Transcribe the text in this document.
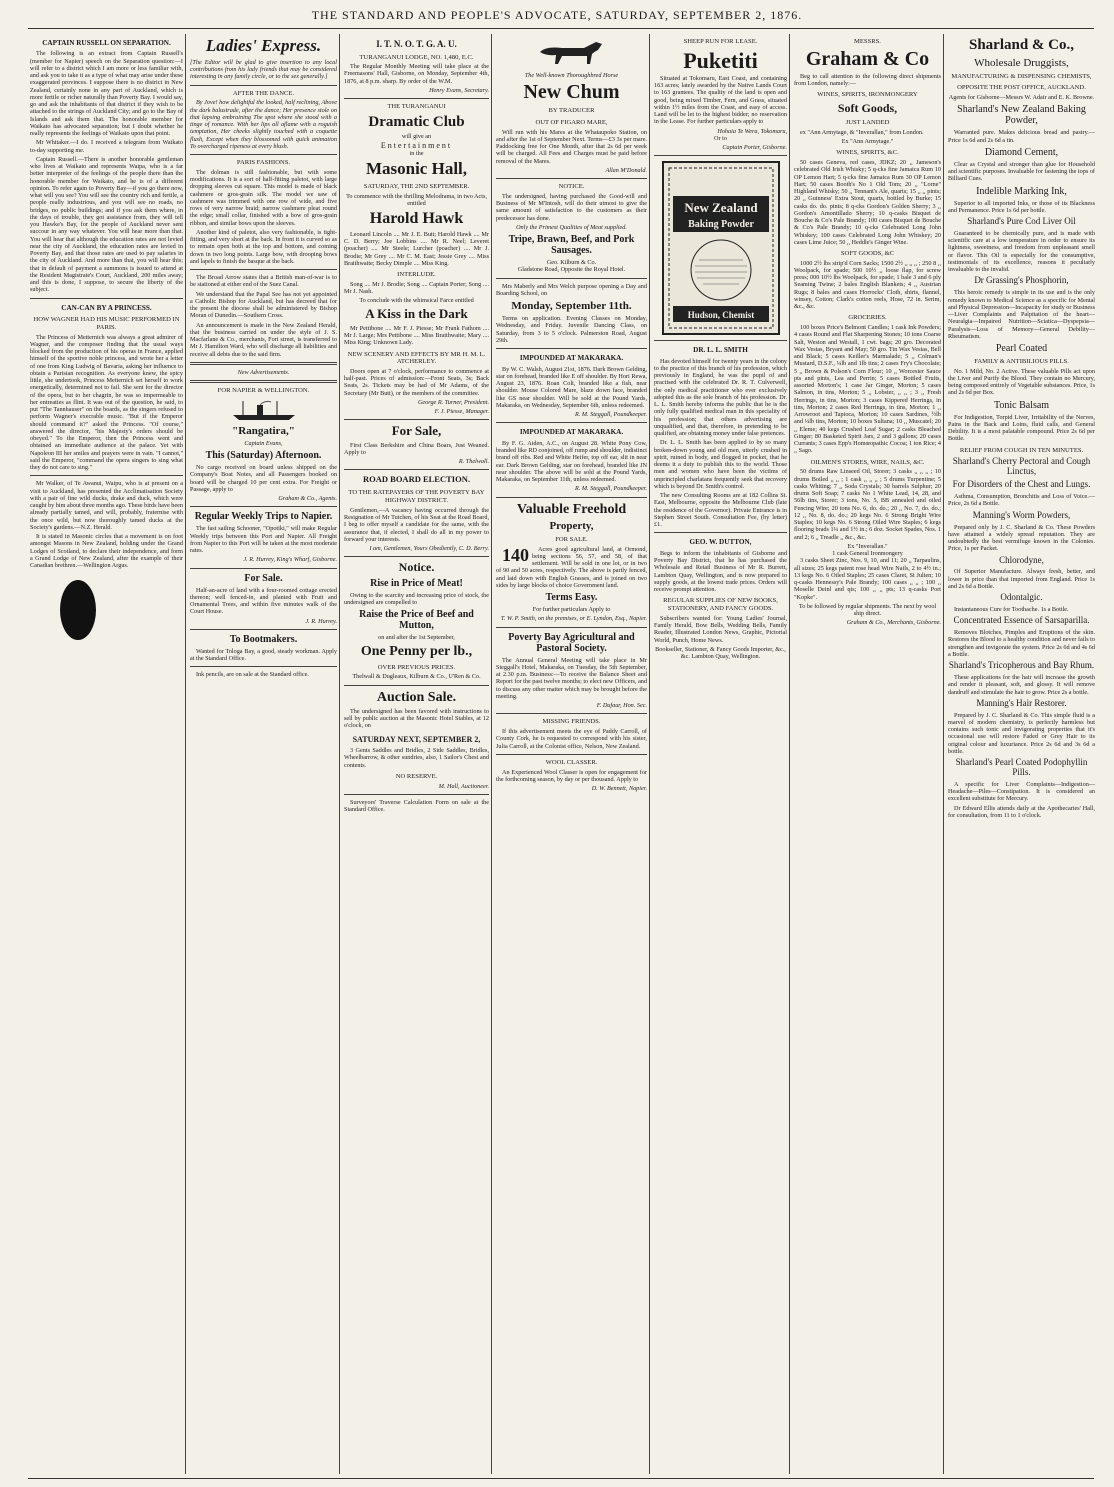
THE STANDARD AND PEOPLE'S ADVOCATE, SATURDAY, SEPTEMBER 2, 1876.
CAPTAIN RUSSELL ON SEPARATION.

The following is an extract from Captain Russell's (member for Napier) speech on the Separation question:—I will refer to a district which I am more or less familiar with, and ask you to take it as a type of what may arise under these exaggerated provinces. I suppose there is no district in New Zealand, certainly none in any part of Auckland, which is more fertile or richer naturally than Poverty Bay. I would say, go and ask the inhabitants of that district if they wish to be attached to the strings of Auckland City; and go to the Bay of Islands and ask them that. The honorable member for Waikato has advocated separation; but I doubt whether he really represents the feelings of Waikato upon that point.

Mr Whitaker.—I do. I received a telegram from Waikato to-day supporting me.

Captain Russell.—There is another honorable gentleman who lives at Waikato and represents Waipa, who is a far better interpreter of the feelings of the people there than the honorable member for Waikato, and he is of a different opinion. To refer again to Poverty Bay—if you go there now, what will you see? You will see the country rich and fertile, a people really industrious, and you will see no roads, no bridges, no public buildings; and if you ask them where, in the days of trouble, they got assistance from, they will tell you Hawke's Bay, for the people of Auckland never sent succour in any way whatever. You will hear more than that. You will hear that although the education rates are not levied near the city of Auckland, the education rates are levied in Poverty Bay, and that those rates are used to pay salaries in the city of Auckland. And more than that, you will hear this; that in default of payment a summons is issued to attend at the Resident Magistrate's Court, Auckland, 200 miles away; and this is done, I suppose, to secure the liberty of the subject.

CAN-CAN BY A PRINCESS.
HOW WAGNER HAD HIS MUSIC PERFORMED IN PARIS.

The Princess of Metternich was always a great admirer of Wagner, and the composer finding that the usual ways blocked from the production of his operas in France, applied himself of the sportive noble princess, and wrote her a letter of one from King Ludwig of Bavaria, asking her influence to obtain a Parisian recognition. As everyone knew, the spicy little, she undertook, Princess Metternich set herself to work energetically, determined not to fail. She sent for the director of the opera, but to her chagrin, he was so impermeable to her entreaties as flint. It was out of the question, he said, to put "The Tannhauser" on the boards, as the singers refused to perform Wagner's execrable music. "But if the Emperor should command it?" asked the Princess. "Of course," answered the director, "his Majesty's orders should be obeyed." To the Emperor, then the Princess went and obtained an immediate audience at the palace. Yet with Napoleon III her smiles and prayers were in vain. "I cannot," said the Emperor, "command the opera singers to sing what they do not care to sing."

Mr Walker, of Te Awanui, Waipu, who is at present on a visit to Auckland, has presented the Acclimatisation Society with a pair of fine wild ducks, drake and duck, which were caught by him about three months ago. These birds have been already partially tamed, and will, probably, fraternise with the once wild, but now thoroughly tamed ducks at the Society's gardens.—N.Z. Herald.

It is stated in Masonic circles that a movement is on foot amongst Masons in New Zealand, holding under the Grand Lodges of Scotland, to declare their independence, and form a Grand Lodge of New Zealand, after the example of their Canadian brethren.—Wellington Argus.

Ladies' Express.
[The Editor will be glad to give insertion to any local contributions from his lady friends that may be considered interesting in any family circle, or to the sex generally.]
AFTER THE DANCE.

By Jove! how delightful the looked, half reclining, Above the dark balustrade, after the dance; Her presence stole on that lapsing embraining The spot where she stood with a tinge of romance. With her lips all aflame with a roguish temptation, Her cheeks slightly touched with a coquette flush, Except when they blossomed with quick animation To overcharged ripeness at every blush.

PARIS FASHIONS.

The dolman is still fashionable, but with some modifications. It is a sort of half-fitting paletot, with large dropping sleeves cut square. This model is made of black cashmere or gros-grain silk. The model we saw of cashmere was trimmed with one row of wide, and five rows of very narrow braid; narrow cashmere pleat round the edge; small collar, finished with a bow of gros-grain ribbon, and similar bows upon the sleeves.

Another kind of paletot, also very fashionable, is tight-fitting, and very short at the back. In front it is curved so as to remain open both at the top and bottom, and coming down in two long points. Large bow, with drooping bows and lapels to finish the basque at the back.

The Broad Arrow states that a British man-of-war is to be stationed at either end of the Suez Canal.

We understand that the Papal See has not yet appointed a Catholic Bishop for Auckland, but has decreed that for the present the diocese shall be administered by Bishop Moran of Dunedin.—Southern Cross.

An announcement is made in the New Zealand Herald, that the business carried on under the style of J. S. Macfarlane & Co., merchants, Fort street, is transferred to Mr J. Hamilton Ward, who will discharge all liabilities and receive all debts due to the said firm.

New Advertisements.
FOR NAPIER & WELLINGTON.
"Rangatira,"
Captain Evans,
This (Saturday) Afternoon.

No cargo received on board unless shipped on the Company's Boat Notes, and all Passengers booked on board will be charged 10 per cent extra. For Freight or Passage, apply to

Graham & Co., Agents.
Regular Weekly Trips to Napier.

The fast sailing Schooner, "Opotiki," will make Regular Weekly trips between this Port and Napier. All Freight from Napier to this Port will be taken at the most moderate rates.

J. R. Hurrey, King's Wharf, Gisborne.
For Sale.

Half-an-acre of land with a four-roomed cottage erected thereon; well fenced-in, and planted with Fruit and Ornamental Trees, and within five minutes walk of the Court House.

J. R. Hurrey.
To Bootmakers.

Wanted for Tologa Bay, a good, steady workman. Apply at the Standard Office.

Ink pencils, are on sale at the Standard office.

I. T. N. O. T. G. A. U.
TURANGANUI LODGE, NO. 1,480, E.C.

The Regular Monthly Meeting will take place at the Freemasons' Hall, Gisborne, on Monday, September 4th, 1876, at 8 p.m. sharp. By order of the W.M.

Henry Evans, Secretary.
THE TURANGANUI
Dramatic Club
will give an
Entertainment
in the
Masonic Hall,
SATURDAY, THE 2ND SEPTEMBER.
To commence with the thrilling Melodrama, in two Acts, entitled
Harold Hawk

Leonard Lincoln .... Mr J. E. Butt; Harold Hawk .... Mr C. D. Berry; Joe Lobbins .... Mr R. Neel; Leveret (poacher) .... Mr Steele; Lurcher (poacher) .... Mr J. Brodie; Mr Grey .... Mr C. M. East; Jessie Grey .... Miss Braithwaite; Becky Dimple .... Miss King.

INTERLUDE.

Song .... Mr J. Brodie; Song .... Captain Porter; Song .... Mr J. Nash.

To conclude with the whimsical Farce entitled
A Kiss in the Dark

Mr Pettibone .... Mr F. J. Piesse; Mr Frank Fathom .... Mr J. Large; Mrs Pettibone .... Miss Braithwaite; Mary .... Miss King; Unknown Lady.

NEW SCENERY AND EFFECTS BY MR H. M. L. ATCHERLEY.

Doors open at 7 o'clock, performance to commence at half-past. Prices of admission:—Front Seats, 3s; Back Seats, 2s. Tickets may be had of Mr Adams, of the Secretary (Mr Butt), or the members of the committee.

George R. Turner, President.
F. J. Piesse, Manager.
For Sale,

First Class Berkshire and China Boars, Just Weaned. Apply to

R. Thelwall.
ROAD BOARD ELECTION.
TO THE RATEPAYERS OF THE POVERTY BAY HIGHWAY DISTRICT.

Gentlemen,—A vacancy having occurred through the Resignation of Mr Tutchen, of his Seat at the Road Board, I beg to offer myself a candidate for the same, with the assurance that, if elected, I shall do all in my power to forward your interests.

I am, Gentlemen, Yours Obediently, C. D. Berry.
Notice.
Rise in Price of Meat!

Owing to the scarcity and increasing price of stock, the undersigned are compelled to

Raise the Price of Beef and Mutton,
on and after the 1st September,
One Penny per lb.,
OVER PREVIOUS PRICES.
Thelwall & Dugleaux, Kilburn & Co., U'Ren & Co.
Auction Sale.

The undersigned has been favored with instructions to sell by public auction at the Masonic Hotel Stables, at 12 o'clock, on

SATURDAY NEXT, SEPTEMBER 2,

3 Gents Saddles and Bridles, 2 Side Saddles, Bridles, Wheelbarrow, & other sundries, also, 1 Sailor's Chest and contents.

NO RESERVE.
M. Hall, Auctioneer.

Surveyors' Traverse Calculation Form on sale at the Standard Office.

The Well-known Thoroughbred Horse
New Chum
BY TRADUCER
OUT OF FIGARO MARE,

Will run with his Mares at the Whataupoko Station, on and after the 1st of September Next. Terms—£3 3s per mare. Paddocking free for One Month, after that 2s 6d per week will be charged. All Fees and Charges must be paid before removal of the Mares.

Allan M'Donald.
NOTICE.

The undersigned, having purchased the Good-will and Business of Mr M'Intosh, will do their utmost to give the same amount of satisfaction to the customers as their predecessor has done.

Only the Primest Qualities of Meat supplied.
Tripe, Brawn, Beef, and Pork Sausages.
Geo. Kilburn & Co.
Gladstone Road, Opposite the Royal Hotel.

Mrs Maberly and Mrs Welch purpose opening a Day and Boarding School, on

Monday, September 11th.

Terms on application. Evening Classes on Monday, Wednesday, and Friday. Juvenile Dancing Class, on Saturday, from 3 to 5 o'clock. Palmerston Road, August 29th.

IMPOUNDED AT MAKARAKA.

By W. C. Walsh, August 21st, 1876. Dark Brown Gelding, star on forehead, branded like E off shoulder. By Hori Rewa, August 23, 1876. Roan Colt, branded like a fish, near shoulder. Mouse Colored Mare, blaze down face, branded like GS near shoulder. Will be sold at the Pound Yards, Makaraka, on Wednesday, September 6th, unless redeemed.

R. M. Steggall, Poundkeeper.
IMPOUNDED AT MAKARAKA.

By F. G. Aiden, A.C., on August 28. White Pony Cow, branded like RD conjoined, off rump and shoulder, indistinct brand off ribs. Red and White Heifer, top off ear, slit in near ear. Dark Brown Gelding, star on forehead, branded like JN near shoulder. The above will be sold at the Pound Yards, Makaraka, on September 11th, unless redeemed.

R. M. Steggall, Poundkeeper.
Valuable Freehold
Property,
FOR SALE.

140 Acres good agricultural land, at Ormond, being sections 56, 57, and 58, of that settlement. Will be sold in one lot, or in two of 90 and 50 acres, respectively. The above is partly fenced, and laid down with English Grasses, and is joined on two sides by large blocks of choice Government land.

Terms Easy.
For further particulars Apply to
T. W. P. Smith, on the premises, or E. Lyndon, Esq., Napier.
Poverty Bay Agricultural and Pastoral Society.

The Annual General Meeting will take place in Mr Steggall's Hotel, Makaraka, on Tuesday, the 5th September, at 2.30 p.m. Business:—To receive the Balance Sheet and Report for the past twelve months; to elect new Officers, and to discuss any other matter which may be brought before the meeting.

F. Dufaur, Hon. Sec.
MISSING FRIENDS.

If this advertisement meets the eye of Paddy Carroll, of County Cork, he is requested to correspond with his sister, Julia Carroll, at the Colonist office, Nelson, New Zealand.

WOOL CLASSER.

An Experienced Wool Classer is open for engagement for the forthcoming season, by day or per thousand. Apply to

D. W. Bennett, Napier.
SHEEP RUN FOR LEASE.
Puketiti

Situated at Tokomaru, East Coast, and containing 163 acres; lately awarded by the Native Lands Court to 163 grantees. The quality of the land is open and good, being mixed Timber, Fern, and Grass, situated within 1½ miles from the Coast, and easy of access. Land will be let to the highest bidder; no reservation in the Lease. For further particulars apply to

Hohaia Te Wera, Tokomaru,
Or to
Captain Porter, Gisborne.
New Zealand
Baking Powder
Hudson, Chemist
DR. L. L. SMITH

Has devoted himself for twenty years in the colony to the practice of this branch of his profession, which previously in England, he was the pupil of and practised with the celebrated Dr. R. T. Culverwell, the only medical practitioner who ever exclusively adopted this as the sole branch of his profession. Dr. L. L. Smith hereby informs the public that he is the only fully qualified medical man in this speciality of his profession; that others advertising are unqualified, and that, therefore, in pretending to be qualified, are obtaining money under false pretences.

Dr. L. L. Smith has been applied to by so many broken-down young and old men, utterly crushed in spirit, ruined in body, and flogged in pocket, that he deems it a duty to publish this to the world. Those men and women who have been the victims of unprincipled charlatans frequently seek that recovery which is beyond Dr. Smith's control.

The new Consulting Rooms are at 182 Collins St. East, Melbourne, opposite the Melbourne Club (late the residence of the Governor). Private Entrance is in Stephen Street South. Consultation Fee, (by letter) £1.

GEO. W. DUTTON,

Begs to inform the inhabitants of Gisborne and Poverty Bay District, that he has purchased the Wholesale and Retail Business of Mr R. Burrett, Lambton Quay, Wellington, and is now prepared to supply goods, at the lowest trade prices. Orders will receive prompt attention.

REGULAR SUPPLIES OF NEW BOOKS, STATIONERY, AND FANCY GOODS.

Subscribers wanted for: Young Ladies' Journal, Family Herald, Bow Bells, Wedding Bells, Family Reader, Illustrated London News, Graphic, Pictorial World, Punch, Home News.

Bookseller, Stationer, & Fancy Goods Importer, &c., &c. Lambton Quay, Wellington.
MESSRS.
Graham & Co

Beg to call attention to the following direct shipments from London, namely:—

WINES, SPIRITS, IRONMONGERY
Soft Goods,
JUST LANDED

ex "Ann Armytage, & "Inverallan," from London.

Ex "Ann Armytage."
WINES, SPIRITS, &C.

50 cases Geneva, red cases, JDKZ; 20 ,, Jameson's celebrated Old Irish Whisky; 5 q-cks fine Jamaica Rum 10 OP Lemon Hart; 5 q-cks fine Jamaica Rum 30 OP Lemon Hart; 50 cases Booth's No 1 Old Tom; 20 ,, "Lorne" Highland Whisky; 50 ,, Tennant's Ale, quarts; 15 ,, ,, pints; 20 ,, Guinness' Extra Stout, quarts, bottled by Burke; 15 casks do. do. pints; 8 q-cks Gordon's Golden Sherry; 3 ,, Gordon's Amontillado Sherry; 10 q-casks Bisquet de Bouche & Co's Pale Brandy; 100 cases Bisquet de Bouche & Co's Pale Brandy; 10 q-cks Celebrated Long John Whiskey; 100 cases Celebrated Long John Whiskey; 20 cases Lime Juice; 50 ,, Heddle's Ginger Wine.

SOFT GOODS, &C

1000 2½ lbs strip'd Corn Sacks; 1500 2½ ,, ,, ,, ; 250 8 ,, Woolpack, for spade; 500 10½ ,, loose flap, for screw press; 000 10½ lbs Woolpack, for spade; 1 bale 3 and 6 ply Seaming Twine; 2 bales English Blankets; 4 ,, Austrian Rugs; 8 bales and cases Horrocks' Cloth, shirts, flannel, winsey, Cotton; Clark's cotton reels, Hose, 72 in. Serim, &c., &c.

GROCERIES.

100 boxes Price's Belmont Candles; 1 cask Ink Powders; 4 cases Round and Flat Sharpening Stones; 10 tons Coarse Salt, Weston and Westall, 1 cwt. bags; 20 gro. Decorated Wax Vestas, Bryant and May; 50 gro. Tin Wax Vestas, Bell and Black; 5 cases Keiller's Marmalade; 5 ,, Colman's Mustard, D.S.F., ¼lb and 1lb tins; 2 cases Fry's Chocolate; 5 ,, Brown & Polson's Corn Flour; 10 ,, Worcester Sauce pts and pints, Lea and Perrin; 5 cases Bottled Fruits, assorted Morton's; 1 case Jar Ginger, Morton; 5 cases Salmon, in tins, Morton; 5 ,, Lobster, ,, ,, ; 3 ,, Fresh Herrings, in tins, Morton; 3 cases Kippered Herrings, in tins, Morton; 2 cases Red Herrings, in tins, Morton; 1 ,, Arrowroot and Tapioca, Morton; 10 cases Sardines, ½lb and ¼lb tins, Morton; 10 boxes Sultana; 10 ,, Muscatel; 20 ,, Eleme; 40 kegs Crushed Loaf Sugar; 2 casks Bleached Ginger; 80 Basketed Spirit Jars, 2 and 3 gallons; 20 cases Currants; 3 cases Epp's Homœopathic Cocoa; 1 ton Rice; 4 ,, Sago.

OILMEN'S STORES, WIRE, NAILS, &C.

50 drums Raw Linseed Oil, Storer; 3 casks ,, ,, ,, ; 10 drums Boiled ,, ,, ; 1 cask ,, ,, ,, ; 5 drums Turpentine; 5 casks Whiting; 7 ,, Soda Crystals; 30 barrels Sulphur; 20 drums Soft Soap; 7 casks No 1 White Lead, 14, 28, and 56lb tins, Storer; 3 tons, No. 5, BB annealed and oiled Fencing Wire; 20 tons No. 6, do. do.; 20 ,, No. 7, do. do.; 12 ,, No. 8, do. do.; 20 kegs No. 6 Strong Bright Wire Staples; 10 kegs No. 6 Strong Oiled Wire Staples; 6 kegs flooring brads 1¼ and 1½ in.; 6 doz. Socket Spades, Nos. 1 and 2; 6 ,, Treadle ,, &c., &c.

Ex "Inverallan."
1 cask General Ironmongery

3 casks Sheet Zinc, Nos. 9, 10, and 11; 20 ,, Tarpaulins, all sizes; 25 kegs patent rose head Wire Nails, 2 to 4½ in.; 13 kegs No. 6 Oiled Staples; 25 cases Claret, St Julien; 10 q-casks Hennessy's Pale Brandy; 100 cases ,, ,, ; 100 ,, Moselle Deinl and qts; 100 ,, ,, pts; 13 q-casks Port "Kopke".

To be followed by regular shipments. The next by wool ship direct.
Graham & Co., Merchants, Gisborne.
Sharland & Co.,
Wholesale Druggists,
MANUFACTURING & DISPENSING CHEMISTS,
OPPOSITE THE POST OFFICE, AUCKLAND.
Agents for Gisborne—Messrs W. Adair and E. K. Browne.
Sharland's New Zealand Baking Powder,

Warranted pure. Makes delicious bread and pastry.—Price 1s 6d and 2s 6d a tin.

Diamond Cement,

Clear as Crystal and stronger than glue for Household and scientific purposes. Invaluable for fastening the tops of Billiard Cues.

Indelible Marking Ink,

Superior to all imported Inks, or those of its Blackness and Permanence. Price 1s 6d per bottle.

Sharland's Pure Cod Liver Oil

Guaranteed to be chemically pure, and is made with scientific care at a low temperature in order to ensure its lightness, sweetness, and freedom from unpleasant smell or flavor. This Oil is especially for the consumptive, testimonials of its excellence, reasons it peculiarly invaluable to the invalid.

Dr Grassing's Phosphorin,

This heroic remedy is simple in its use and is the only remedy known to Medical Science as a specific for Mental and Physical Depression—Incapacity for study or Business—Liver Complaints and Palpitation of the heart—Neuralgia—Impaired Nutrition—Sciatica—Dyspepsia—Paralysis—Loss of Memory—General Debility—Rheumatism.

Pearl Coated
FAMILY & ANTIBILIOUS PILLS.

No. 1 Mild, No. 2 Active. These valuable Pills act upon the Liver and Purify the Blood. They contain no Mercury, being composed entirely of Vegetable substances. Price, 1s and 2s 6d per Box.

Tonic Balsam

For Indigestion, Torpid Liver, Irritability of the Nerves, Pains in the Back and Loins, fluid calls, and General Debility. It is a most palatable compound. Price 2s 6d per Bottle.

RELIEF FROM COUGH IN TEN MINUTES.
Sharland's Cherry Pectoral and Cough Linctus,
For Disorders of the Chest and Lungs.

Asthma, Consumption, Bronchitis and Loss of Voice.—Price, 2s 6d a Bottle.

Manning's Worm Powders,

Prepared only by J. C. Sharland & Co. These Powders have attained a widely spread reputation. They are undoubtedly the best vermifuge known in the Colonies. Price, 1s per Packet.

Chlorodyne,

Of Superior Manufacture. Always fresh, better, and lower in price than that imported from England. Price 1s and 2s 6d a Bottle.

Odontalgic.

Instantaneous Cure for Toothache. 1s a Bottle.

Concentrated Essence of Sarsaparilla.

Removes Blotches, Pimples and Eruptions of the skin. Restores the Blood to a healthy condition and never fails to strengthen and invigorate the system. Price 2s 6d and 4s 6d a Bottle.

Sharland's Tricopherous and Bay Rhum.

These applications for the hair will increase the growth and render it pleasant, soft, and glossy. It will remove dandruff and stimulate the hair to grow. Price 2s a bottle.

Manning's Hair Restorer.

Prepared by J. C. Sharland & Co. This simple fluid is a marvel of modern chemistry, is perfectly harmless but contains such tonic and invigorating properties that it's occasional use will restore Faded or Grey Hair to its original colour and luxuriance. Price 2s 6d and 3s 6d a bottle.

Sharland's Pearl Coated Podophyllin Pills.

A specific for Liver Complaints—Indigestion—Headache—Piles—Constipation. It is considered an excellent substitute for Mercury.

Dr Edward Ellis attends daily at the Apothecaries' Hall, for consultation, from 11 to 1 o'clock.
